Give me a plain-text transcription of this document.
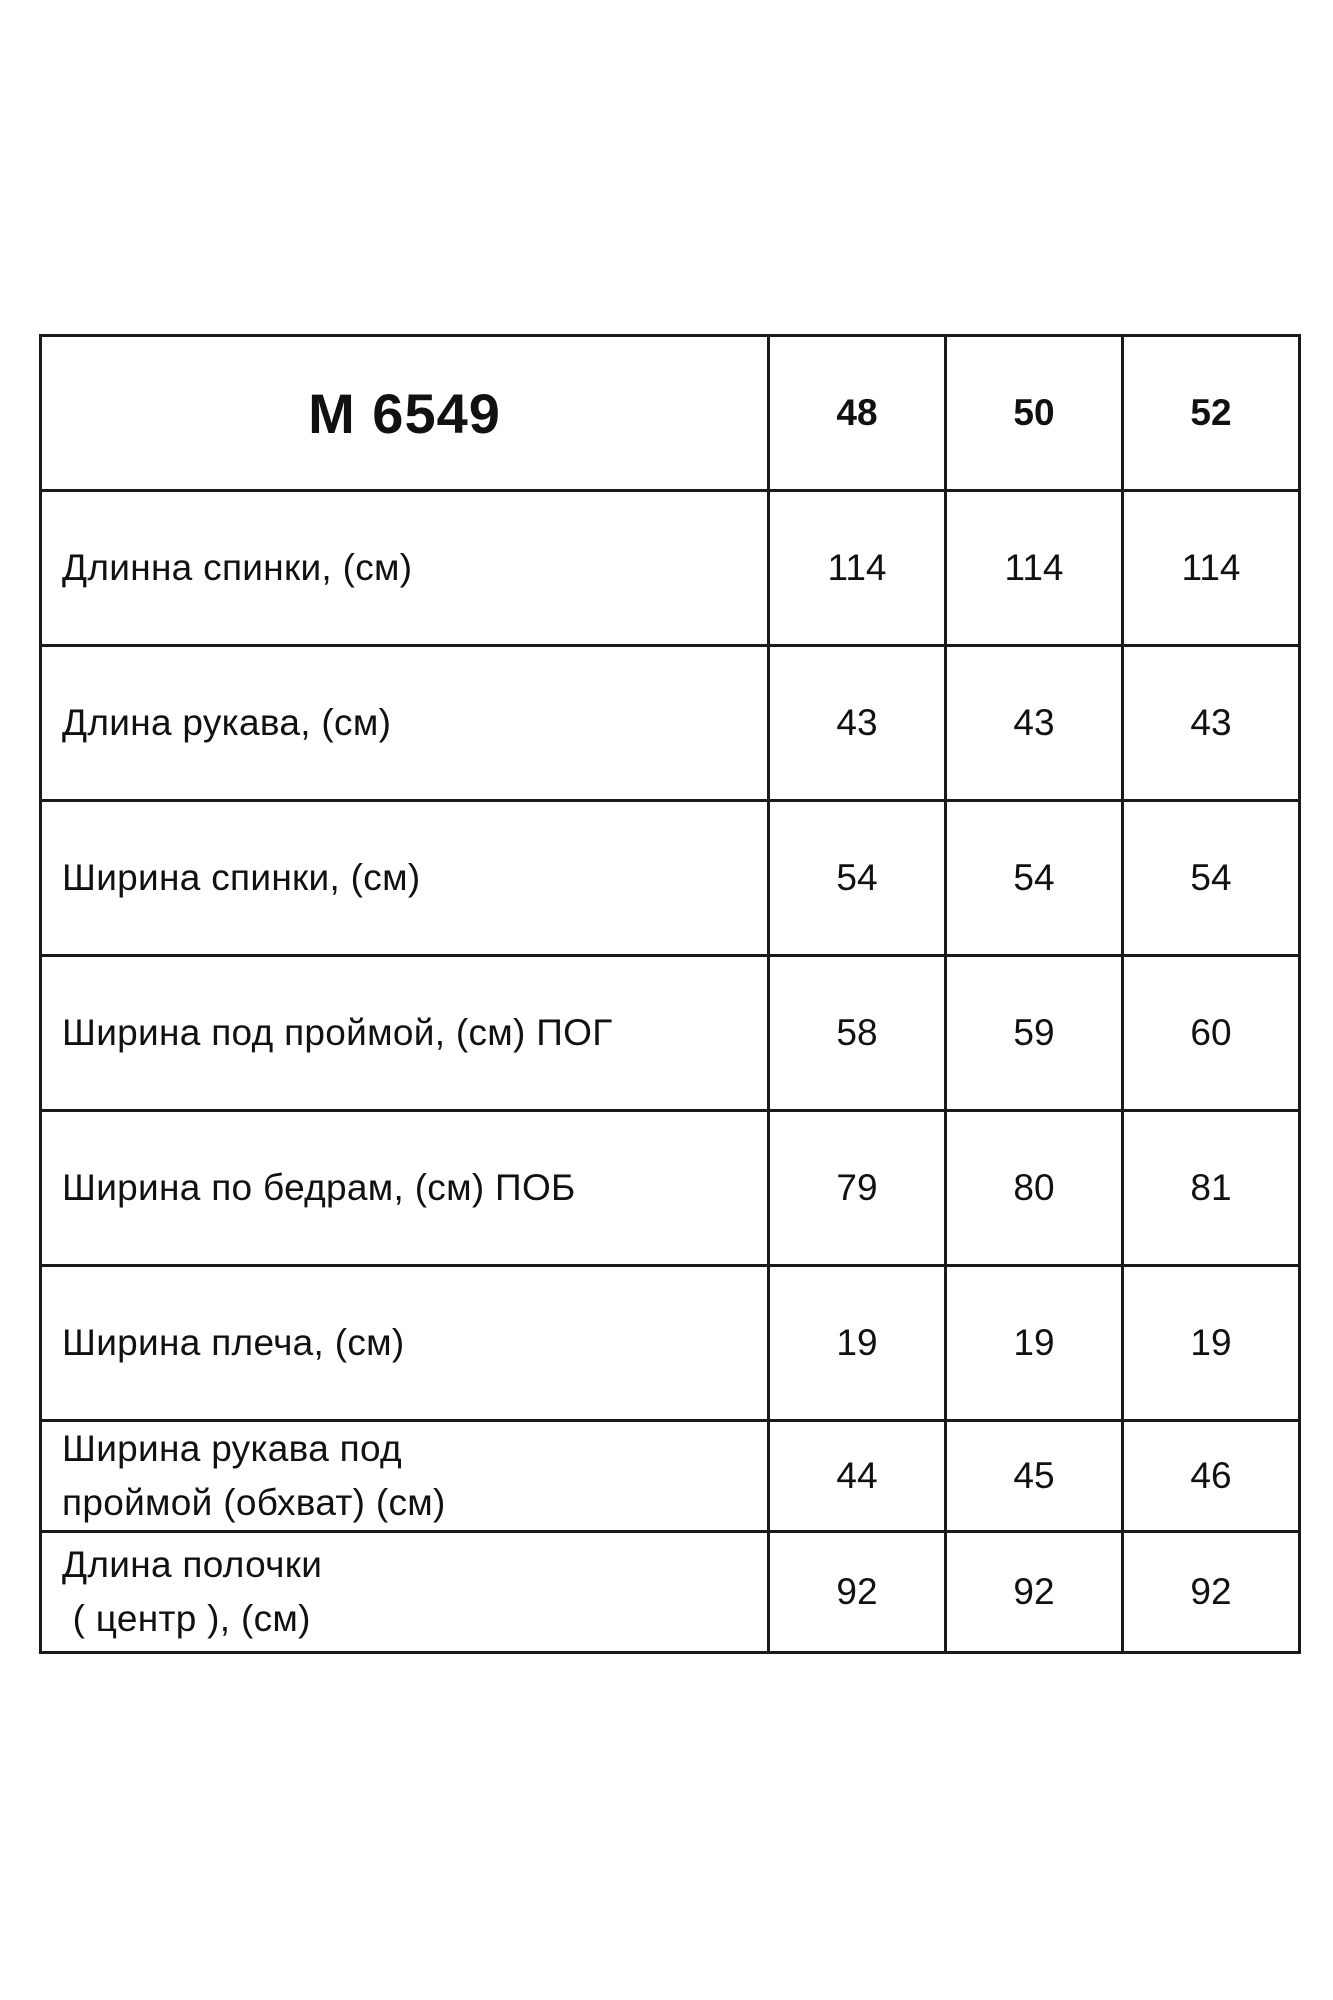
М 6549	48	50	52

Длинна спинки, (см)	114	114	114

Длина рукава, (см)	43	43	43

Ширина спинки, (см)	54	54	54

Ширина под проймой, (см) ПОГ	58	59	60

Ширина по бедрам, (см) ПОБ	79	80	81

Ширина плеча, (см)	19	19	19

Ширина рукава под
проймой (обхват) (см)	44	45	46

Длина полочки
( центр ), (см)	92	92	92
